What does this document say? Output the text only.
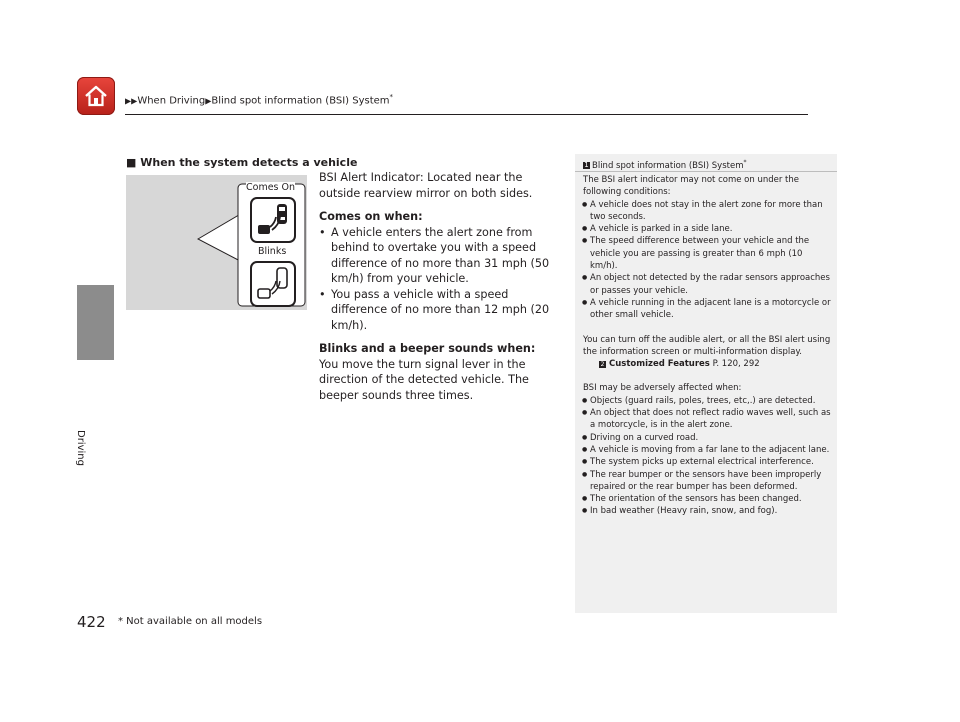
▶▶When Driving▶Blind spot information (BSI) System*
Driving
■ When the system detects a vehicle
Comes On
Blinks

BSI Alert Indicator: Located near the outside rearview mirror on both sides.

Comes on when:

• A vehicle enters the alert zone from behind to overtake you with a speed difference of no more than 31 mph (50 km/h) from your vehicle.

• You pass a vehicle with a speed difference of no more than 12 mph (20 km/h).

Blinks and a beeper sounds when:

You move the turn signal lever in the direction of the detected vehicle. The beeper sounds three times.

1 Blind spot information (BSI) System*

The BSI alert indicator may not come on under the following conditions:

● A vehicle does not stay in the alert zone for more than two seconds.

● A vehicle is parked in a side lane.

● The speed difference between your vehicle and the vehicle you are passing is greater than 6 mph (10 km/h).

● An object not detected by the radar sensors approaches or passes your vehicle.

● A vehicle running in the adjacent lane is a motorcycle or other small vehicle.

You can turn off the audible alert, or all the BSI alert using the information screen or multi-information display.

2 Customized Features P. 120, 292

BSI may be adversely affected when:

● Objects (guard rails, poles, trees, etc,.) are detected.

● An object that does not reflect radio waves well, such as a motorcycle, is in the alert zone.

● Driving on a curved road.

● A vehicle is moving from a far lane to the adjacent lane.

● The system picks up external electrical interference.

● The rear bumper or the sensors have been improperly repaired or the rear bumper has been deformed.

● The orientation of the sensors has been changed.

● In bad weather (Heavy rain, snow, and fog).

422 * Not available on all models
